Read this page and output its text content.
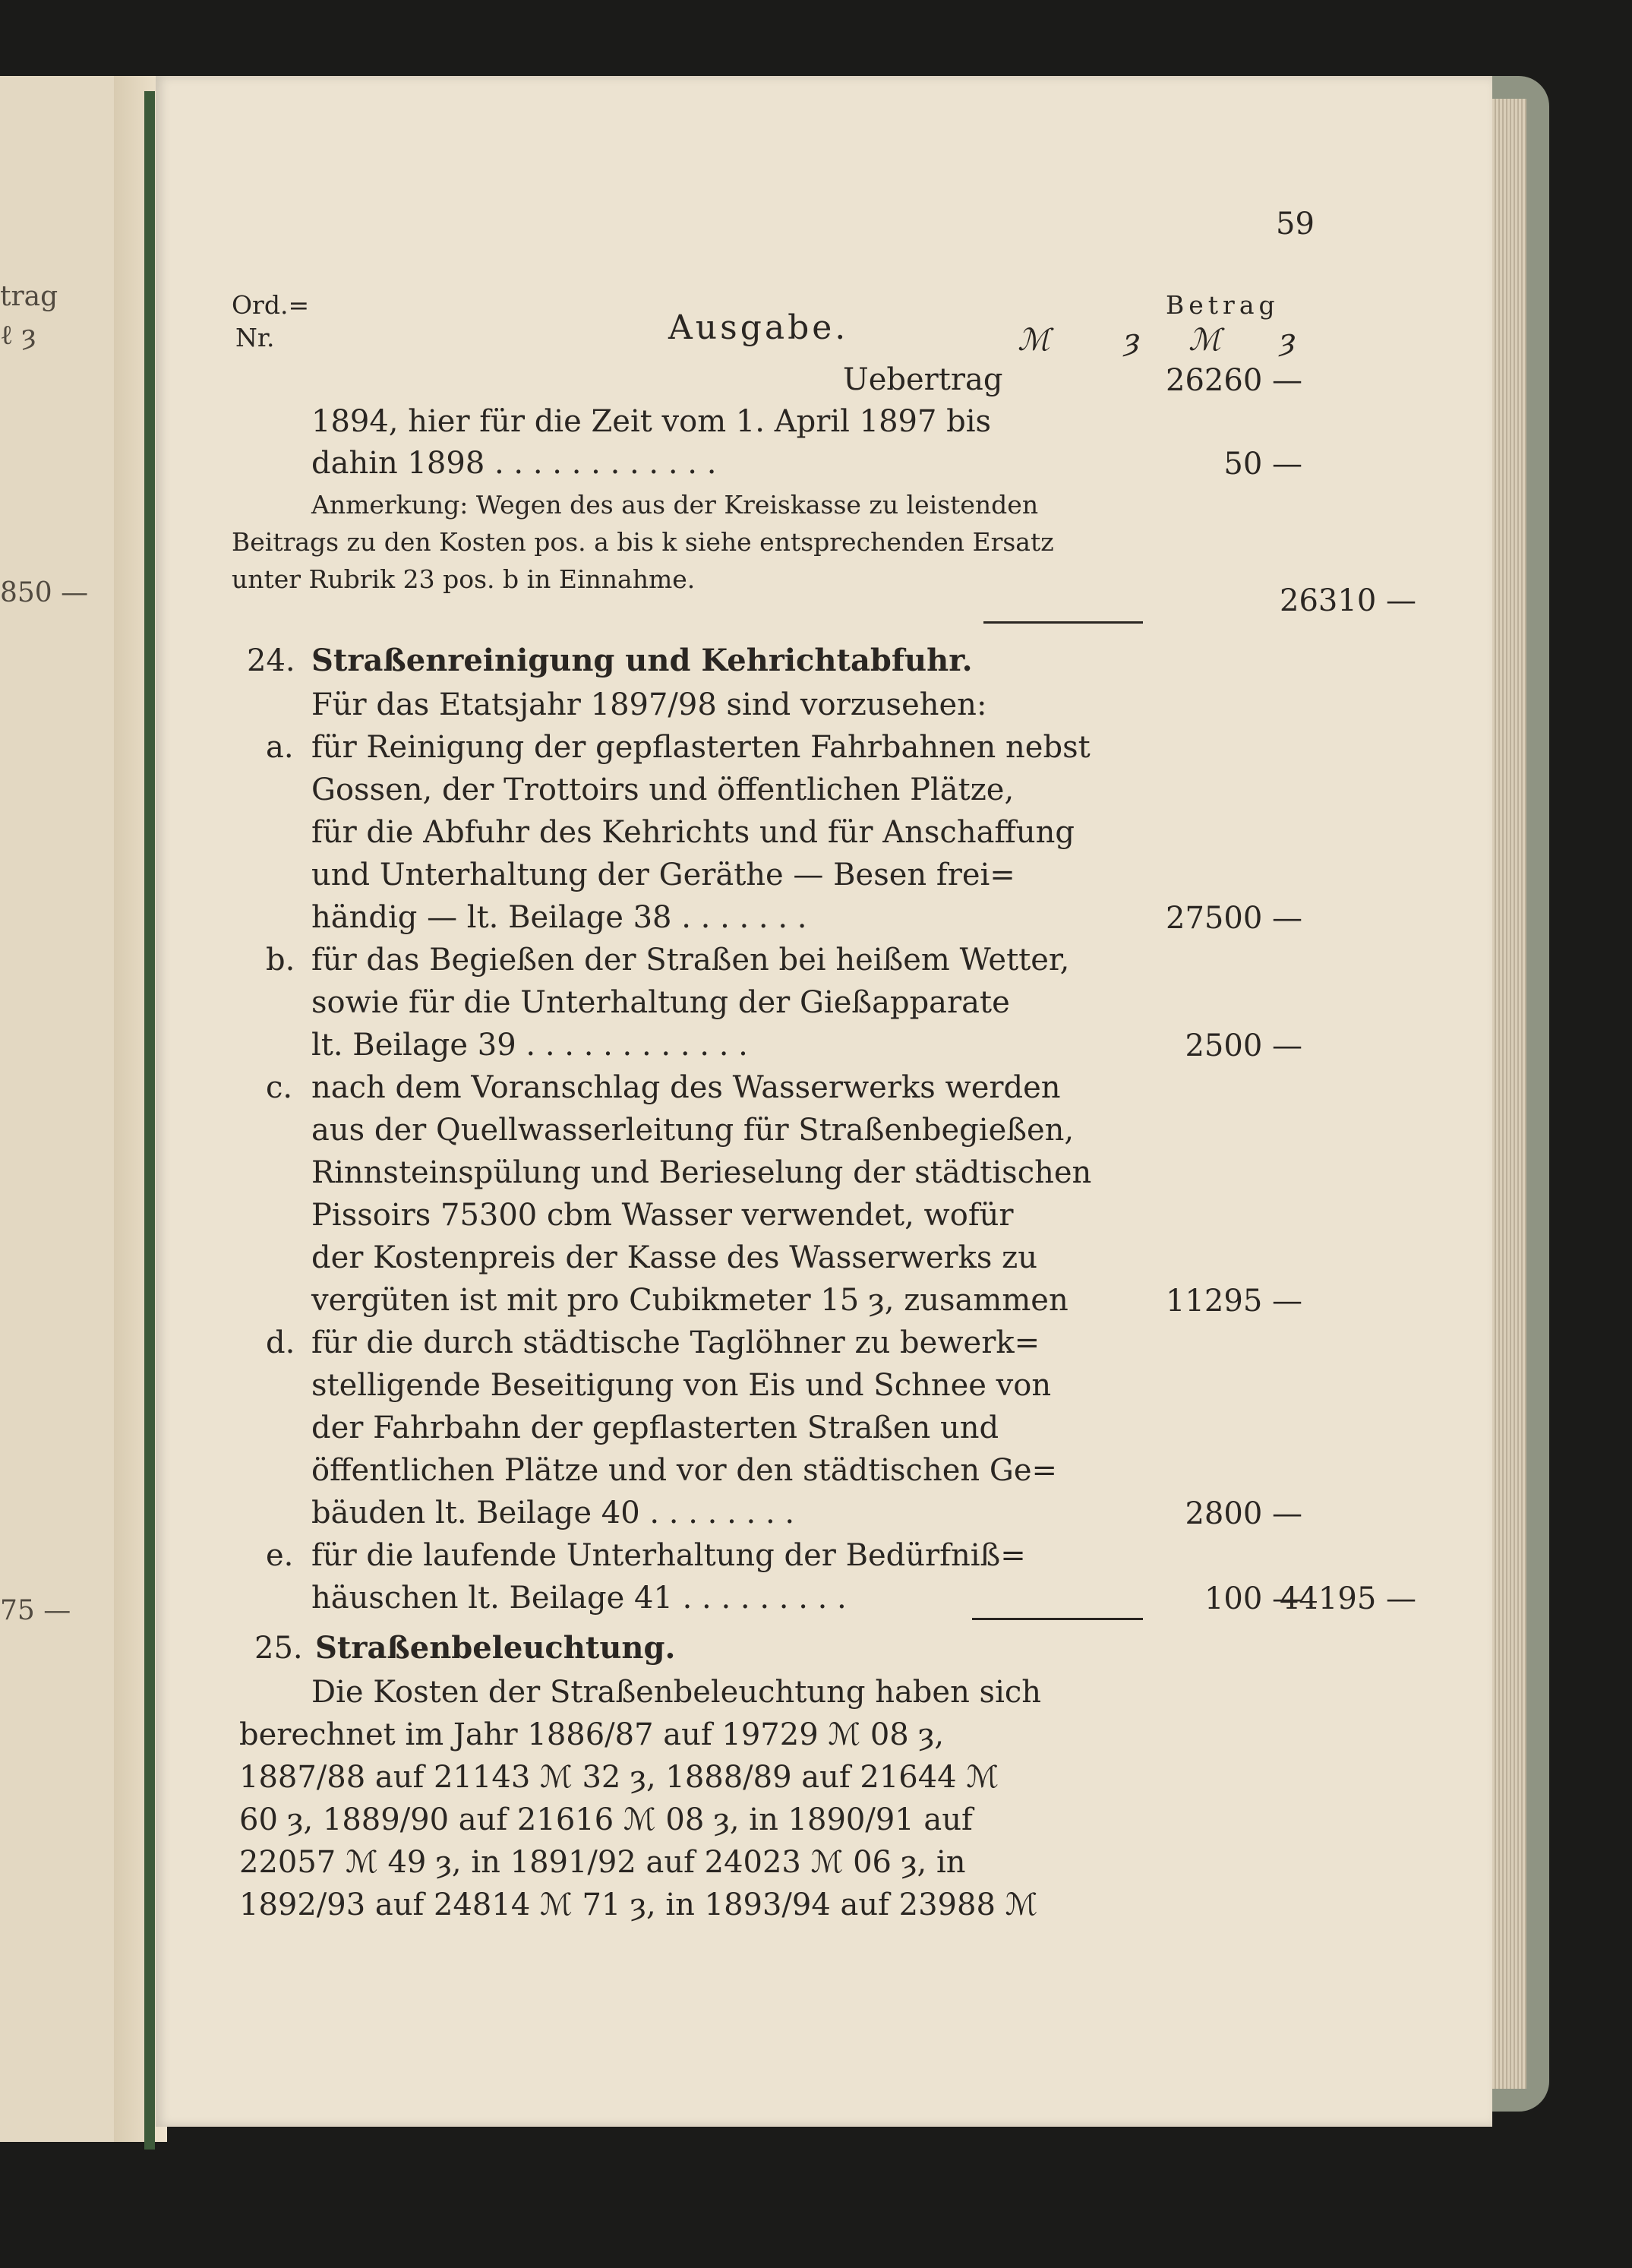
trag
ℓ ȝ
850 —
75 —
59
Ord.=
Nr.	Ausgabe.
Betrag
ℳ ȝ ℳ ȝ
Uebertrag	26260 —
1894, hier für die Zeit vom 1. April 1897 bis
dahin 1898 . . . . . . . . . . . .	50 —
Anmerkung: Wegen des aus der Kreiskasse zu leistenden
Beitrags zu den Kosten pos. a bis k siehe entsprechenden Ersatz
unter Rubrik 23 pos. b in Einnahme.
26310 —
24. Straßenreinigung und Kehrichtabfuhr.
Für das Etatsjahr 1897/98 sind vorzusehen:
a. für Reinigung der gepflasterten Fahrbahnen nebst
Gossen, der Trottoirs und öffentlichen Plätze,
für die Abfuhr des Kehrichts und für Anschaffung
und Unterhaltung der Geräthe — Besen frei=
händig — lt. Beilage 38 . . . . . . .	27500 —
b. für das Begießen der Straßen bei heißem Wetter,
sowie für die Unterhaltung der Gießapparate
lt. Beilage 39 . . . . . . . . . . . .	2500 —
c. nach dem Voranschlag des Wasserwerks werden
aus der Quellwasserleitung für Straßenbegießen,
Rinnsteinspülung und Berieselung der städtischen
Pissoirs 75300 cbm Wasser verwendet, wofür
der Kostenpreis der Kasse des Wasserwerks zu
vergüten ist mit pro Cubikmeter 15 ȝ, zusammen	11295 —
d. für die durch städtische Taglöhner zu bewerk=
stelligende Beseitigung von Eis und Schnee von
der Fahrbahn der gepflasterten Straßen und
öffentlichen Plätze und vor den städtischen Ge=
bäuden lt. Beilage 40 . . . . . . . .	2800 —
e. für die laufende Unterhaltung der Bedürfniß=
häuschen lt. Beilage 41 . . . . . . . . .	100 —
44195 —
25. Straßenbeleuchtung.
Die Kosten der Straßenbeleuchtung haben sich
berechnet im Jahr 1886/87 auf 19729 ℳ 08 ȝ,
1887/88 auf 21143 ℳ 32 ȝ, 1888/89 auf 21644 ℳ
60 ȝ, 1889/90 auf 21616 ℳ 08 ȝ, in 1890/91 auf
22057 ℳ 49 ȝ, in 1891/92 auf 24023 ℳ 06 ȝ, in
1892/93 auf 24814 ℳ 71 ȝ, in 1893/94 auf 23988 ℳ
